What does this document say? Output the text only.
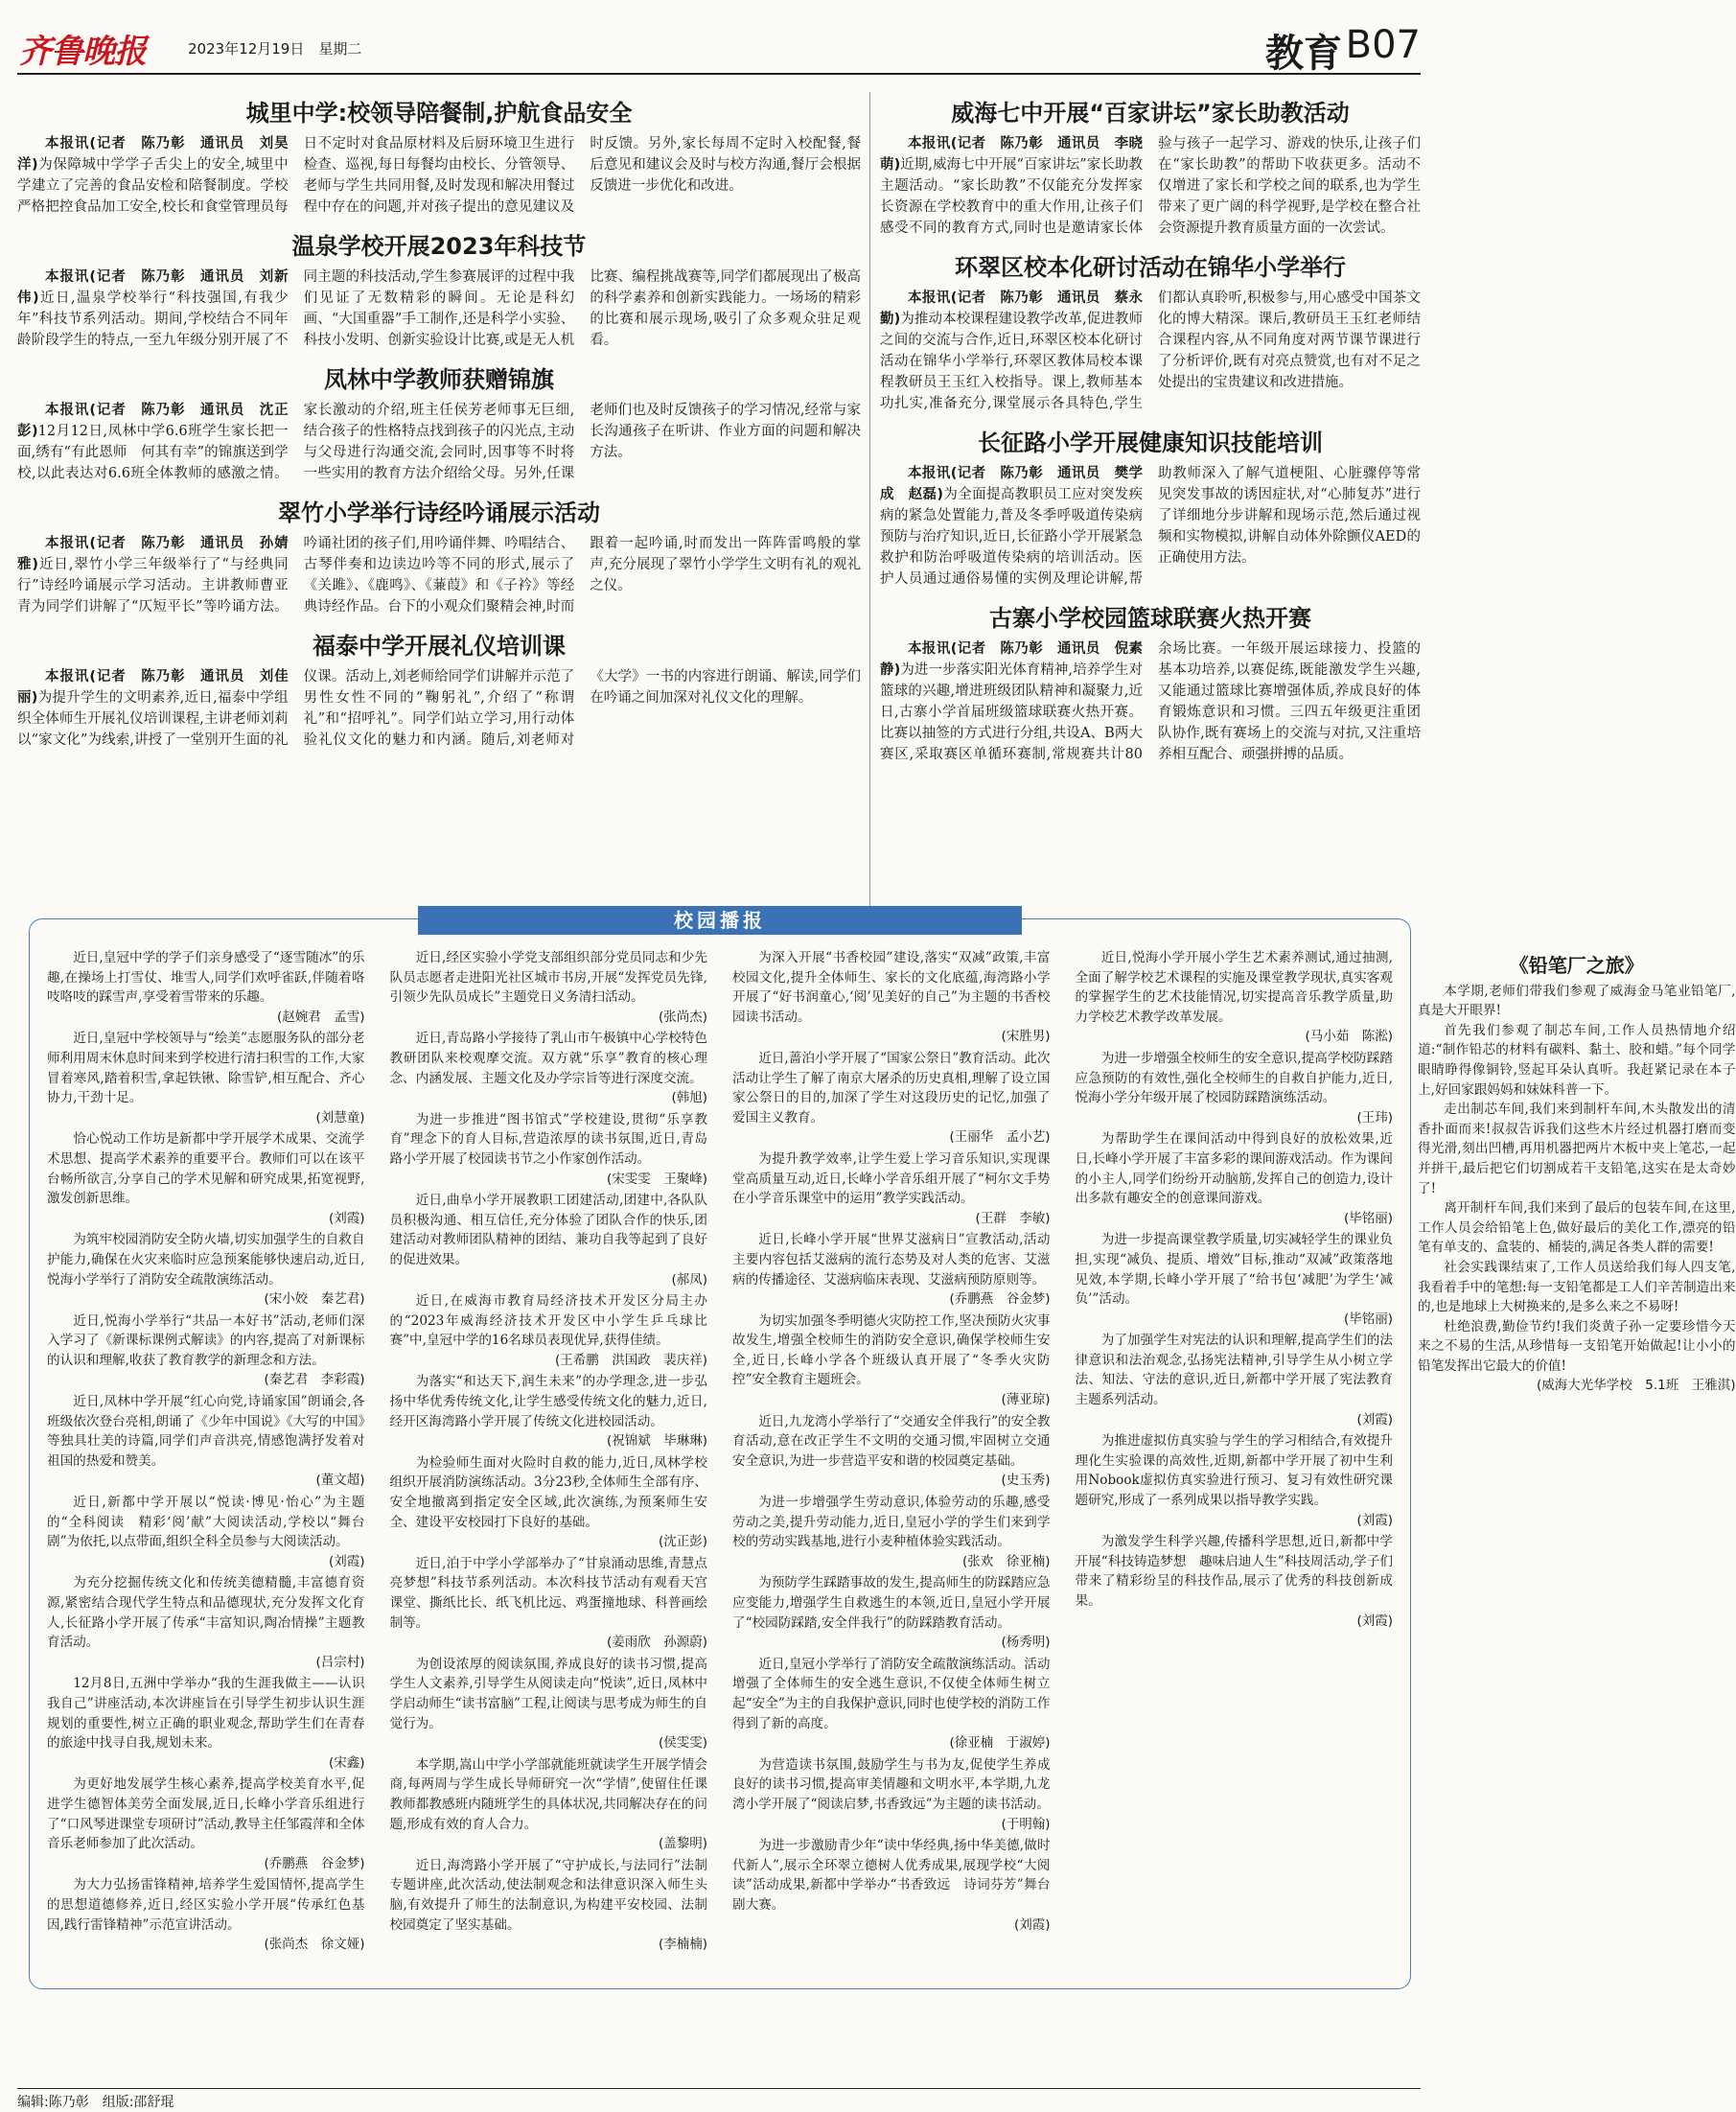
齐鲁晚报	2023年12月19日　星期二	教育 B07
城里中学:校领导陪餐制,护航食品安全

本报讯(记者　陈乃彰　通讯员　刘昊洋)为保障城中学学子舌尖上的安全,城里中学建立了完善的食品安检和陪餐制度。学校严格把控食品加工安全,校长和食堂管理员每日不定时对食品原材料及后厨环境卫生进行检查、巡视,每日每餐均由校长、分管领导、老师与学生共同用餐,及时发现和解决用餐过程中存在的问题,并对孩子提出的意见建议及时反馈。另外,家长每周不定时入校配餐,餐后意见和建议会及时与校方沟通,餐厅会根据反馈进一步优化和改进。

温泉学校开展2023年科技节

本报讯(记者　陈乃彰　通讯员　刘新伟)近日,温泉学校举行“科技强国,有我少年”科技节系列活动。期间,学校结合不同年龄阶段学生的特点,一至九年级分别开展了不同主题的科技活动,学生参赛展评的过程中我们见证了无数精彩的瞬间。无论是科幻画、“大国重器”手工制作,还是科学小实验、科技小发明、创新实验设计比赛,或是无人机比赛、编程挑战赛等,同学们都展现出了极高的科学素养和创新实践能力。一场场的精彩的比赛和展示现场,吸引了众多观众驻足观看。

凤林中学教师获赠锦旗

本报讯(记者　陈乃彰　通讯员　沈正彭)12月12日,凤林中学6.6班学生家长把一面,绣有“有此恩师　何其有幸”的锦旗送到学校,以此表达对6.6班全体教师的感激之情。家长激动的介绍,班主任侯芳老师事无巨细,结合孩子的性格特点找到孩子的闪光点,主动与父母进行沟通交流,会同时,因事等不时将一些实用的教育方法介绍给父母。另外,任课老师们也及时反馈孩子的学习情况,经常与家长沟通孩子在听讲、作业方面的问题和解决方法。

翠竹小学举行诗经吟诵展示活动

本报讯(记者　陈乃彰　通讯员　孙婧雅)近日,翠竹小学三年级举行了“与经典同行”诗经吟诵展示学习活动。主讲教师曹亚青为同学们讲解了“仄短平长”等吟诵方法。吟诵社团的孩子们,用吟诵伴舞、吟唱结合、古琴伴奏和边读边吟等不同的形式,展示了《关雎》、《鹿鸣》、《蒹葭》和《子衿》等经典诗经作品。台下的小观众们聚精会神,时而跟着一起吟诵,时而发出一阵阵雷鸣般的掌声,充分展现了翠竹小学学生文明有礼的观礼之仪。

福泰中学开展礼仪培训课

本报讯(记者　陈乃彰　通讯员　刘佳丽)为提升学生的文明素养,近日,福泰中学组织全体师生开展礼仪培训课程,主讲老师刘莉以“家文化”为线索,讲授了一堂别开生面的礼仪课。活动上,刘老师给同学们讲解并示范了男性女性不同的“鞠躬礼”,介绍了“称谓礼”和“招呼礼”。同学们站立学习,用行动体验礼仪文化的魅力和内涵。随后,刘老师对《大学》一书的内容进行朗诵、解读,同学们在吟诵之间加深对礼仪文化的理解。

威海七中开展“百家讲坛”家长助教活动

本报讯(记者　陈乃彰　通讯员　李晓萌)近期,威海七中开展“百家讲坛”家长助教主题活动。“家长助教”不仅能充分发挥家长资源在学校教育中的重大作用,让孩子们感受不同的教育方式,同时也是邀请家长体验与孩子一起学习、游戏的快乐,让孩子们在“家长助教”的帮助下收获更多。活动不仅增进了家长和学校之间的联系,也为学生带来了更广阔的科学视野,是学校在整合社会资源提升教育质量方面的一次尝试。

环翠区校本化研讨活动在锦华小学举行

本报讯(记者　陈乃彰　通讯员　蔡永勤)为推动本校课程建设教学改革,促进教师之间的交流与合作,近日,环翠区校本化研讨活动在锦华小学举行,环翠区教体局校本课程教研员王玉红入校指导。课上,教师基本功扎实,准备充分,课堂展示各具特色,学生们都认真聆听,积极参与,用心感受中国茶文化的博大精深。课后,教研员王玉红老师结合课程内容,从不同角度对两节课节课进行了分析评价,既有对亮点赞赏,也有对不足之处提出的宝贵建议和改进措施。

长征路小学开展健康知识技能培训

本报讯(记者　陈乃彰　通讯员　樊学成　赵磊)为全面提高教职员工应对突发疾病的紧急处置能力,普及冬季呼吸道传染病预防与治疗知识,近日,长征路小学开展紧急救护和防治呼吸道传染病的培训活动。医护人员通过通俗易懂的实例及理论讲解,帮助教师深入了解气道梗阻、心脏骤停等常见突发事故的诱因症状,对“心肺复苏”进行了详细地分步讲解和现场示范,然后通过视频和实物模拟,讲解自动体外除颤仪AED的正确使用方法。

古寨小学校园篮球联赛火热开赛

本报讯(记者　陈乃彰　通讯员　倪素静)为进一步落实阳光体育精神,培养学生对篮球的兴趣,增进班级团队精神和凝聚力,近日,古寨小学首届班级篮球联赛火热开赛。比赛以抽签的方式进行分组,共设A、B两大赛区,采取赛区单循环赛制,常规赛共计80余场比赛。一年级开展运球接力、投篮的基本功培养,以赛促练,既能激发学生兴趣,又能通过篮球比赛增强体质,养成良好的体育锻炼意识和习惯。三四五年级更注重团队协作,既有赛场上的交流与对抗,又注重培养相互配合、顽强拼搏的品质。

校园播报

近日,皇冠中学的学子们亲身感受了“逐雪随冰”的乐趣,在操场上打雪仗、堆雪人,同学们欢呼雀跃,伴随着咯吱咯吱的踩雪声,享受着雪带来的乐趣。

(赵婉君　孟雪)

近日,皇冠中学校领导与“绘美”志愿服务队的部分老师利用周末休息时间来到学校进行清扫积雪的工作,大家冒着寒风,踏着积雪,拿起铁锹、除雪铲,相互配合、齐心协力,干劲十足。

(刘慧童)

恰心悦动工作坊是新都中学开展学术成果、交流学术思想、提高学术素养的重要平台。教师们可以在该平台畅所欲言,分享自己的学术见解和研究成果,拓宽视野,激发创新思维。

(刘霞)

为筑牢校园消防安全防火墙,切实加强学生的自救自护能力,确保在火灾来临时应急预案能够快速启动,近日,悦海小学举行了消防安全疏散演练活动。

(宋小姣　秦艺君)

近日,悦海小学举行“共品一本好书”活动,老师们深入学习了《新课标课例式解读》的内容,提高了对新课标的认识和理解,收获了教育教学的新理念和方法。

(秦艺君　李彩霞)

近日,凤林中学开展“红心向党,诗诵家国”朗诵会,各班级依次登台亮相,朗诵了《少年中国说》《大写的中国》等独具壮美的诗篇,同学们声音洪亮,情感饱满抒发着对祖国的热爱和赞美。

(董文超)

近日,新都中学开展以“悦读·博见·怡心”为主题的“全科阅读　精彩‘阅’献”大阅读活动,学校以“舞台剧”为依托,以点带面,组织全科全员参与大阅读活动。

(刘霞)

为充分挖掘传统文化和传统美德精髓,丰富德育资源,紧密结合现代学生特点和品德现状,充分发挥文化育人,长征路小学开展了传承“丰富知识,陶冶情操”主题教育活动。

(吕宗村)

12月8日,五洲中学举办“我的生涯我做主——认识我自己”讲座活动,本次讲座旨在引导学生初步认识生涯规划的重要性,树立正确的职业观念,帮助学生们在青春的旅途中找寻自我,规划未来。

(宋鑫)

为更好地发展学生核心素养,提高学校美育水平,促进学生德智体美劳全面发展,近日,长峰小学音乐组进行了“口风琴进课堂专项研讨”活动,教导主任邹霞萍和全体音乐老师参加了此次活动。

(乔鹏燕　谷金梦)

为大力弘扬雷锋精神,培养学生爱国情怀,提高学生的思想道德修养,近日,经区实验小学开展“传承红色基因,践行雷锋精神”示范宣讲活动。

(张尚杰　徐文娅)

近日,经区实验小学党支部组织部分党员同志和少先队员志愿者走进阳光社区城市书房,开展“发挥党员先锋,引领少先队员成长”主题党日义务清扫活动。

(张尚杰)

近日,青岛路小学接待了乳山市午极镇中心学校特色教研团队来校观摩交流。双方就“乐享”教育的核心理念、内涵发展、主题文化及办学宗旨等进行深度交流。

(韩旭)

为进一步推进“图书馆式”学校建设,贯彻“乐享教育”理念下的育人目标,营造浓厚的读书氛围,近日,青岛路小学开展了校园读书节之小作家创作活动。

(宋雯雯　王聚峰)

近日,曲阜小学开展教职工团建活动,团建中,各队队员积极沟通、相互信任,充分体验了团队合作的快乐,团建活动对教师团队精神的团结、兼功自我等起到了良好的促进效果。

(郝凤)

近日,在威海市教育局经济技术开发区分局主办的“2023年威海经济技术开发区中小学生乒乓球比赛”中,皇冠中学的16名球员表现优异,获得佳绩。

(王希鹏　洪国政　裴庆祥)

为落实“和达天下,润生未来”的办学理念,进一步弘扬中华优秀传统文化,让学生感受传统文化的魅力,近日,经开区海湾路小学开展了传统文化进校园活动。

(祝锦斌　毕琳琳)

为检验师生面对火险时自救的能力,近日,凤林学校组织开展消防演练活动。3分23秒,全体师生全部有序、安全地撤离到指定安全区域,此次演练,为预案师生安全、建设平安校园打下良好的基础。

(沈正彭)

近日,泊于中学小学部举办了“甘泉涌动思维,青慧点亮梦想”科技节系列活动。本次科技节活动有观看天宫课堂、撕纸比长、纸飞机比远、鸡蛋撞地球、科普画绘制等。

(姜雨欣　孙源蔚)

为创设浓厚的阅读氛围,养成良好的读书习惯,提高学生人文素养,引导学生从阅读走向“悦读”,近日,凤林中学启动师生“读书富脑”工程,让阅读与思考成为师生的自觉行为。

(侯雯雯)

本学期,嵩山中学小学部就能班就读学生开展学情会商,每两周与学生成长导师研究一次“学情”,使留住任课教师都教感班内随班学生的具体状况,共同解决存在的问题,形成有效的育人合力。

(盖黎明)

近日,海湾路小学开展了“守护成长,与法同行”法制专题讲座,此次活动,使法制观念和法律意识深入师生头脑,有效提升了师生的法制意识,为构建平安校园、法制校园奠定了坚实基础。

(李楠楠)

为深入开展“书香校园”建设,落实“双减”政策,丰富校园文化,提升全体师生、家长的文化底蕴,海湾路小学开展了“好书润童心,‘阅’见美好的自己”为主题的书香校园读书活动。

(宋胜男)

近日,蔷泊小学开展了“国家公祭日”教育活动。此次活动让学生了解了南京大屠杀的历史真相,理解了设立国家公祭日的目的,加深了学生对这段历史的记忆,加强了爱国主义教育。

(王丽华　孟小艺)

为提升教学效率,让学生爱上学习音乐知识,实现课堂高质量互动,近日,长峰小学音乐组开展了“柯尔文手势在小学音乐课堂中的运用”教学实践活动。

(王群　李敏)

近日,长峰小学开展“世界艾滋病日”宣教活动,活动主要内容包括艾滋病的流行态势及对人类的危害、艾滋病的传播途径、艾滋病临床表现、艾滋病预防原则等。

(乔鹏燕　谷金梦)

为切实加强冬季明德火灾防控工作,坚决预防火灾事故发生,增强全校师生的消防安全意识,确保学校师生安全,近日,长峰小学各个班级认真开展了“冬季火灾防控”安全教育主题班会。

(薄亚琼)

近日,九龙湾小学举行了“交通安全伴我行”的安全教育活动,意在改正学生不文明的交通习惯,牢固树立交通安全意识,为进一步营造平安和谐的校园奠定基础。

(史玉秀)

为进一步增强学生劳动意识,体验劳动的乐趣,感受劳动之美,提升劳动能力,近日,皇冠小学的学生们来到学校的劳动实践基地,进行小麦种植体验实践活动。

(张欢　徐亚楠)

为预防学生踩踏事故的发生,提高师生的防踩踏应急应变能力,增强学生自救逃生的本领,近日,皇冠小学开展了“校园防踩踏,安全伴我行”的防踩踏教育活动。

(杨秀明)

近日,皇冠小学举行了消防安全疏散演练活动。活动增强了全体师生的安全逃生意识,不仅使全体师生树立起“安全”为主的自我保护意识,同时也使学校的消防工作得到了新的高度。

(徐亚楠　于淑婷)

为营造读书氛围,鼓励学生与书为友,促使学生养成良好的读书习惯,提高审美情趣和文明水平,本学期,九龙湾小学开展了“阅读启梦,书香致远”为主题的读书活动。

(于明翰)

为进一步激励青少年“读中华经典,扬中华美德,做时代新人”,展示全环翠立德树人优秀成果,展现学校“大阅读”活动成果,新都中学举办“书香致远　诗词芬芳”舞台剧大赛。

(刘霞)

近日,悦海小学开展小学生艺术素养测试,通过抽测,全面了解学校艺术课程的实施及课堂教学现状,真实客观的掌握学生的艺术技能情况,切实提高音乐教学质量,助力学校艺术教学改革发展。

(马小茹　陈淞)

为进一步增强全校师生的安全意识,提高学校防踩踏应急预防的有效性,强化全校师生的自救自护能力,近日,悦海小学分年级开展了校园防踩踏演练活动。

(王玮)

为帮助学生在课间活动中得到良好的放松效果,近日,长峰小学开展了丰富多彩的课间游戏活动。作为课间的小主人,同学们纷纷开动脑筋,发挥自己的创造力,设计出多款有趣安全的创意课间游戏。

(毕铭丽)

为进一步提高课堂教学质量,切实减轻学生的课业负担,实现“减负、提质、增效”目标,推动“双减”政策落地见效,本学期,长峰小学开展了“给书包‘减肥’为学生‘减负’”活动。

(毕铭丽)

为了加强学生对宪法的认识和理解,提高学生们的法律意识和法治观念,弘扬宪法精神,引导学生从小树立学法、知法、守法的意识,近日,新都中学开展了宪法教育主题系列活动。

(刘霞)

为推进虚拟仿真实验与学生的学习相结合,有效提升理化生实验课的高效性,近期,新都中学开展了初中生利用Nobook虚拟仿真实验进行预习、复习有效性研究课题研究,形成了一系列成果以指导教学实践。

(刘霞)

为激发学生科学兴趣,传播科学思想,近日,新都中学开展“科技铸造梦想　趣味启迪人生”科技周活动,学子们带来了精彩纷呈的科技作品,展示了优秀的科技创新成果。

(刘霞)

《铅笔厂之旅》

本学期,老师们带我们参观了威海金马笔业铅笔厂,真是大开眼界!

首先我们参观了制芯车间,工作人员热情地介绍道:“制作铅芯的材料有碳料、黏土、胶和蜡。”每个同学眼睛睁得像铜铃,竖起耳朵认真听。我赶紧记录在本子上,好回家跟妈妈和妹妹科普一下。

走出制芯车间,我们来到制杆车间,木头散发出的清香扑面而来!叔叔告诉我们这些木片经过机器打磨而变得光滑,刻出凹槽,再用机器把两片木板中夹上笔芯,一起并拼干,最后把它们切割成若干支铅笔,这实在是太奇妙了!

离开制杆车间,我们来到了最后的包装车间,在这里,工作人员会给铅笔上色,做好最后的美化工作,漂亮的铅笔有单支的、盒装的、桶装的,满足各类人群的需要!

社会实践课结束了,工作人员送给我们每人四支笔,我看着手中的笔想:每一支铅笔都是工人们辛苦制造出来的,也是地球上大树换来的,是多么来之不易呀!

杜绝浪费,勤俭节约!我们炎黄子孙一定要珍惜今天来之不易的生活,从珍惜每一支铅笔开始做起!让小小的铅笔发挥出它最大的价值!

(威海大光华学校　5.1班　王雅淇)

编辑:陈乃彰　组版:邵舒琨
